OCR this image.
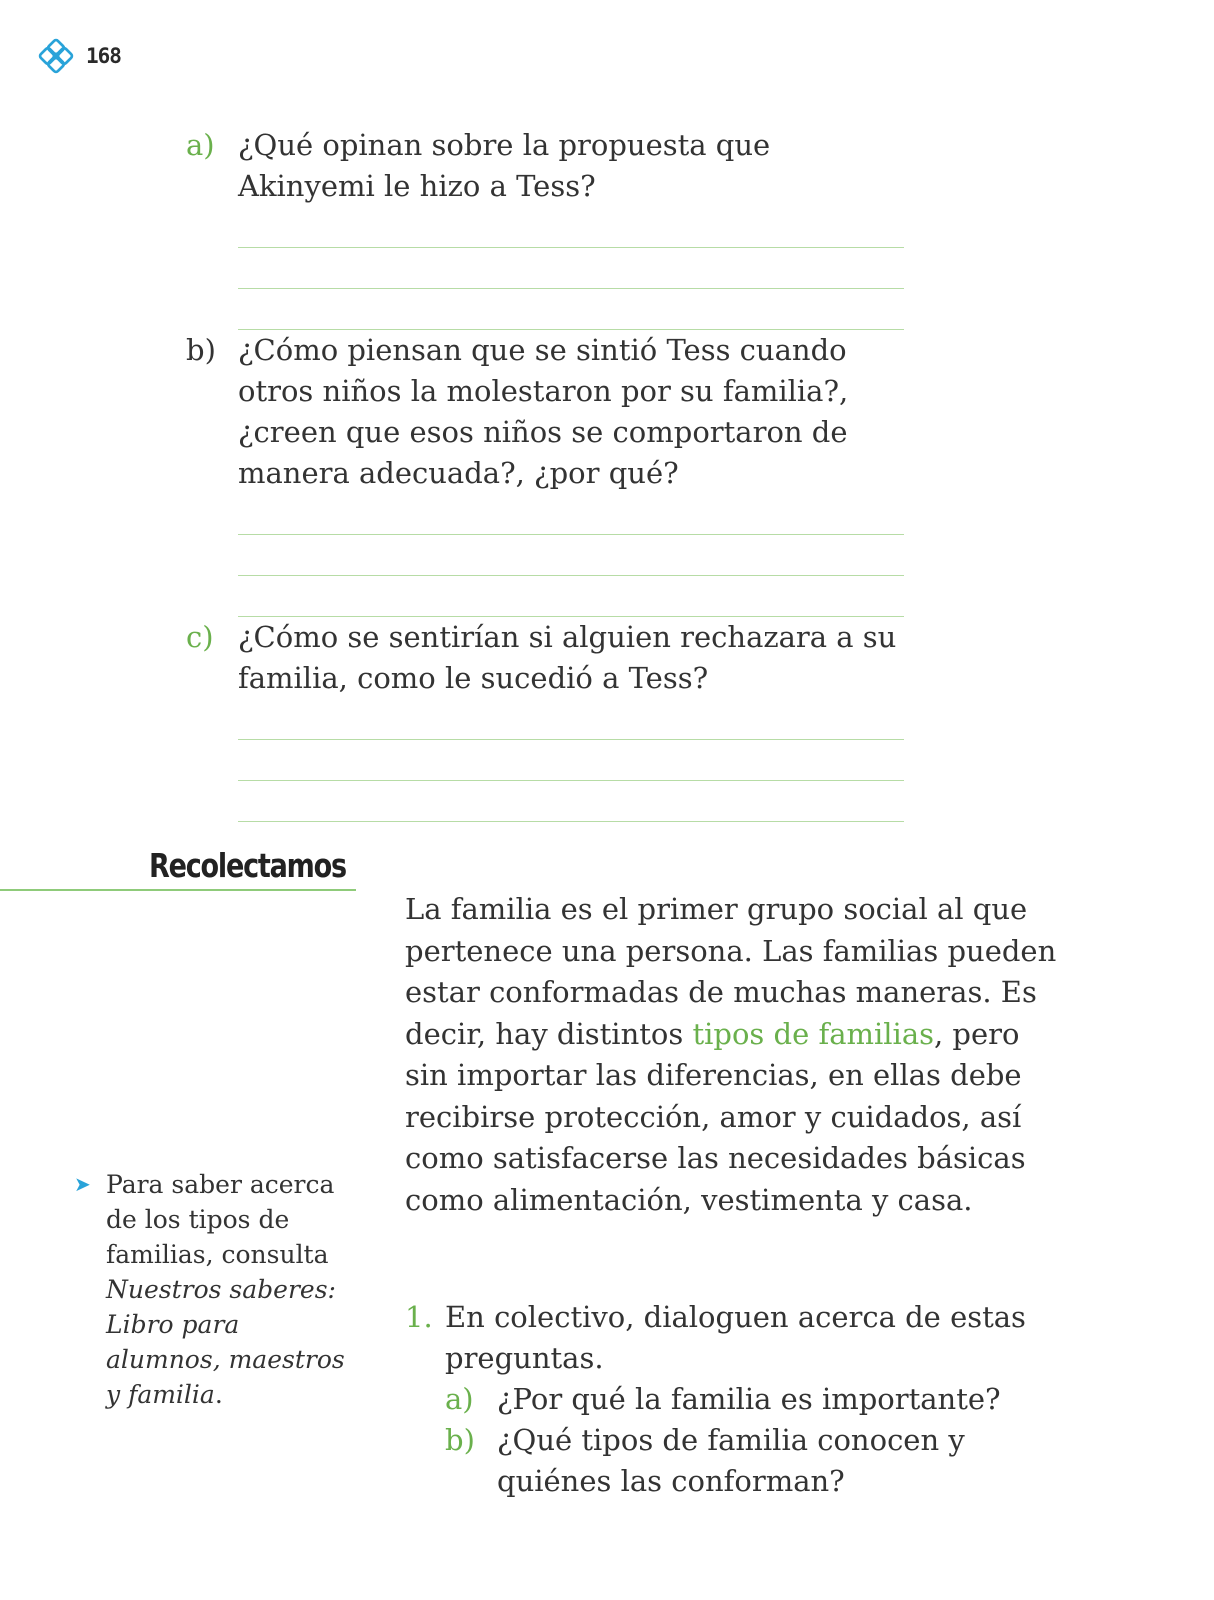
168
a) ¿Qué opinan sobre la propuesta que Akinyemi le hizo a Tess?
b) ¿Cómo piensan que se sintió Tess cuando otros niños la molestaron por su familia?, ¿creen que esos niños se comportaron de manera adecuada?, ¿por qué?
c) ¿Cómo se sentirían si alguien rechazara a su familia, como le sucedió a Tess?
Recolectamos

La familia es el primer grupo social al que pertenece una persona. Las familias pueden estar conformadas de muchas maneras. Es decir, hay distintos tipos de familias, pero sin importar las diferencias, en ellas debe recibirse protección, amor y cuidados, así como satisfacerse las necesidades básicas como alimentación, vestimenta y casa.

➤ Para saber acerca de los tipos de familias, consulta Nuestros saberes: Libro para alumnos, maestros y familia.

1. En colectivo, dialoguen acerca de estas preguntas.

a) ¿Por qué la familia es importante?
b) ¿Qué tipos de familia conocen y quiénes las conforman?
